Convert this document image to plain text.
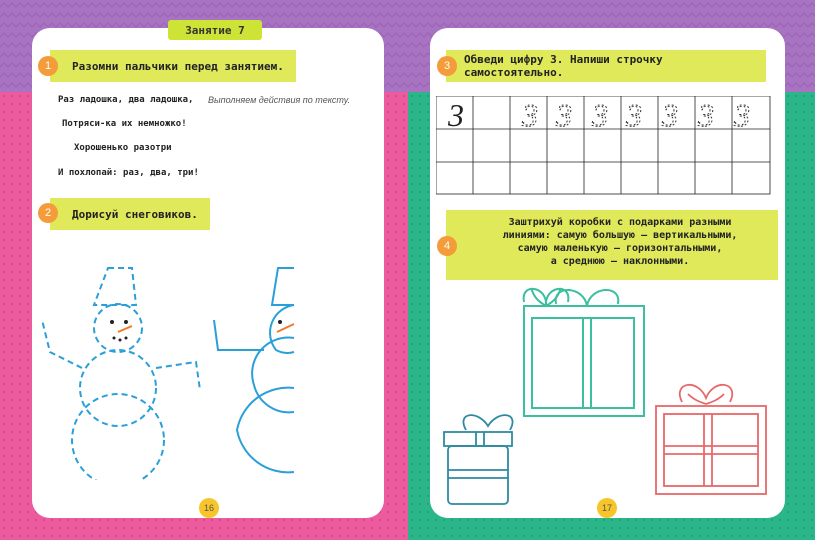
Занятие 7
Разомни пальчики перед занятием.
1
Раз ладошка, два ладошка,
Потряси-ка их немножко!
Хорошенько разотри
И похлопай: раз, два, три!
Выполняем действия по тексту.
Дорисуй снеговиков.
2
16
Обведи цифру 3. Напиши строчку самостоятельно.
3
3 3 3 3 3 3 3 3
4
Заштрихуй коробки с подарками разными
линиями: самую большую — вертикальными,
самую маленькую — горизонтальными,
а среднюю — наклонными.
17
